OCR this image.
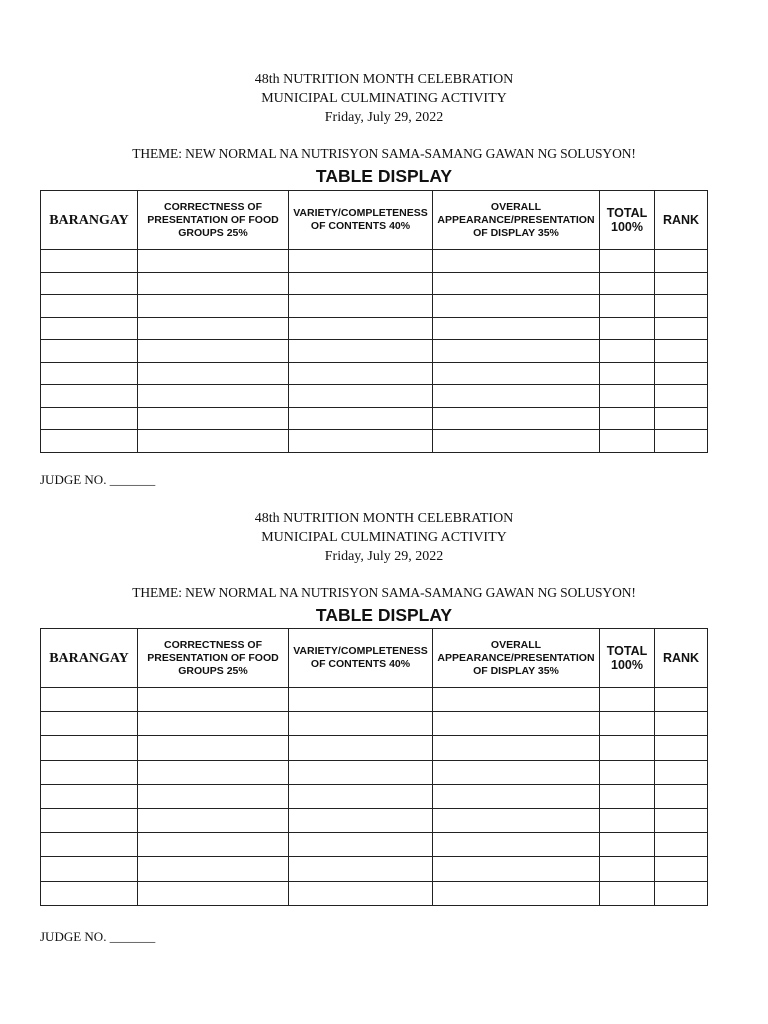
48th NUTRITION MONTH CELEBRATION
MUNICIPAL CULMINATING ACTIVITY
Friday, July 29, 2022
THEME: NEW NORMAL NA NUTRISYON SAMA-SAMANG GAWAN NG SOLUSYON!
TABLE DISPLAY
BARANGAY	CORRECTNESS OF PRESENTATION OF FOOD GROUPS 25%	VARIETY/COMPLETENESS OF CONTENTS 40%	OVERALL APPEARANCE/PRESENTATION OF DISPLAY 35%	TOTAL 100%	RANK

JUDGE NO. _______
48th NUTRITION MONTH CELEBRATION
MUNICIPAL CULMINATING ACTIVITY
Friday, July 29, 2022
THEME: NEW NORMAL NA NUTRISYON SAMA-SAMANG GAWAN NG SOLUSYON!
TABLE DISPLAY
BARANGAY	CORRECTNESS OF PRESENTATION OF FOOD GROUPS 25%	VARIETY/COMPLETENESS OF CONTENTS 40%	OVERALL APPEARANCE/PRESENTATION OF DISPLAY 35%	TOTAL 100%	RANK

JUDGE NO. _______
